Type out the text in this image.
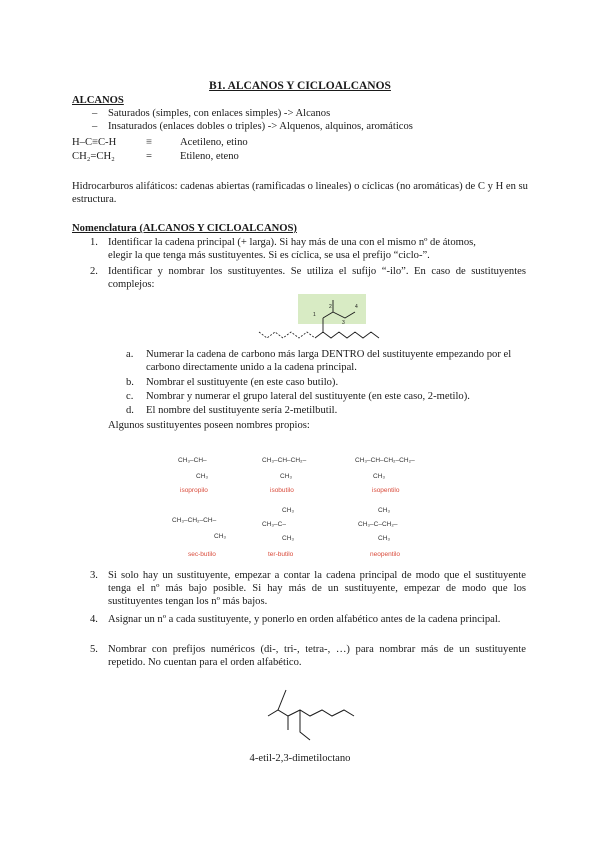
B1. ALCANOS Y CICLOALCANOS
ALCANOS
– Saturados (simples, con enlaces simples) -> Alcanos
– Insaturados (enlaces dobles o triples) -> Alquenos, alquinos, aromáticos
H–C≡C-H	≡	Acetileno, etino
CH₂=CH₂	=	Etileno, eteno
Hidrocarburos alifáticos: cadenas abiertas (ramificadas o lineales) o cíclicas (no aromáticas) de C y H en su estructura.
Nomenclatura (ALCANOS Y CICLOALCANOS)
1. Identificar la cadena principal (+ larga). Si hay más de una con el mismo nº de átomos,
elegir la que tenga más sustituyentes. Si es cíclica, se usa el prefijo “ciclo-”.
2. Identificar y nombrar los sustituyentes. Se utiliza el sufijo “-ilo”. En caso de sustituyentes complejos:
1
2
3
4
a. Numerar la cadena de carbono más larga DENTRO del sustituyente empezando por el carbono directamente unido a la cadena principal.
b. Nombrar el sustituyente (en este caso butilo).
c. Nombrar y numerar el grupo lateral del sustituyente (en este caso, 2-metilo).
d. El nombre del sustituyente sería 2-metilbutil.
Algunos sustituyentes poseen nombres propios:
CH₃–CH–
CH₃
isopropilo
CH₃–CH–CH₂–
CH₃
isobutilo
CH₃–CH–CH₂–CH₂–
CH₃
isopentilo
CH₃–CH₂–CH–
CH₃
sec-butilo
CH₃
CH₃–C–
CH₃
ter-butilo
CH₃
CH₃–C–CH₂–
CH₃
neopentilo
3. Si solo hay un sustituyente, empezar a contar la cadena principal de modo que el sustituyente tenga el nº más bajo posible. Si hay más de un sustituyente, empezar de modo que los sustituyentes tengan los nº más bajos.
4. Asignar un nº a cada sustituyente, y ponerlo en orden alfabético antes de la cadena principal.
5. Nombrar con prefijos numéricos (di-, tri-, tetra-, …) para nombrar más de un sustituyente repetido. No cuentan para el orden alfabético.
4-etil-2,3-dimetiloctano
